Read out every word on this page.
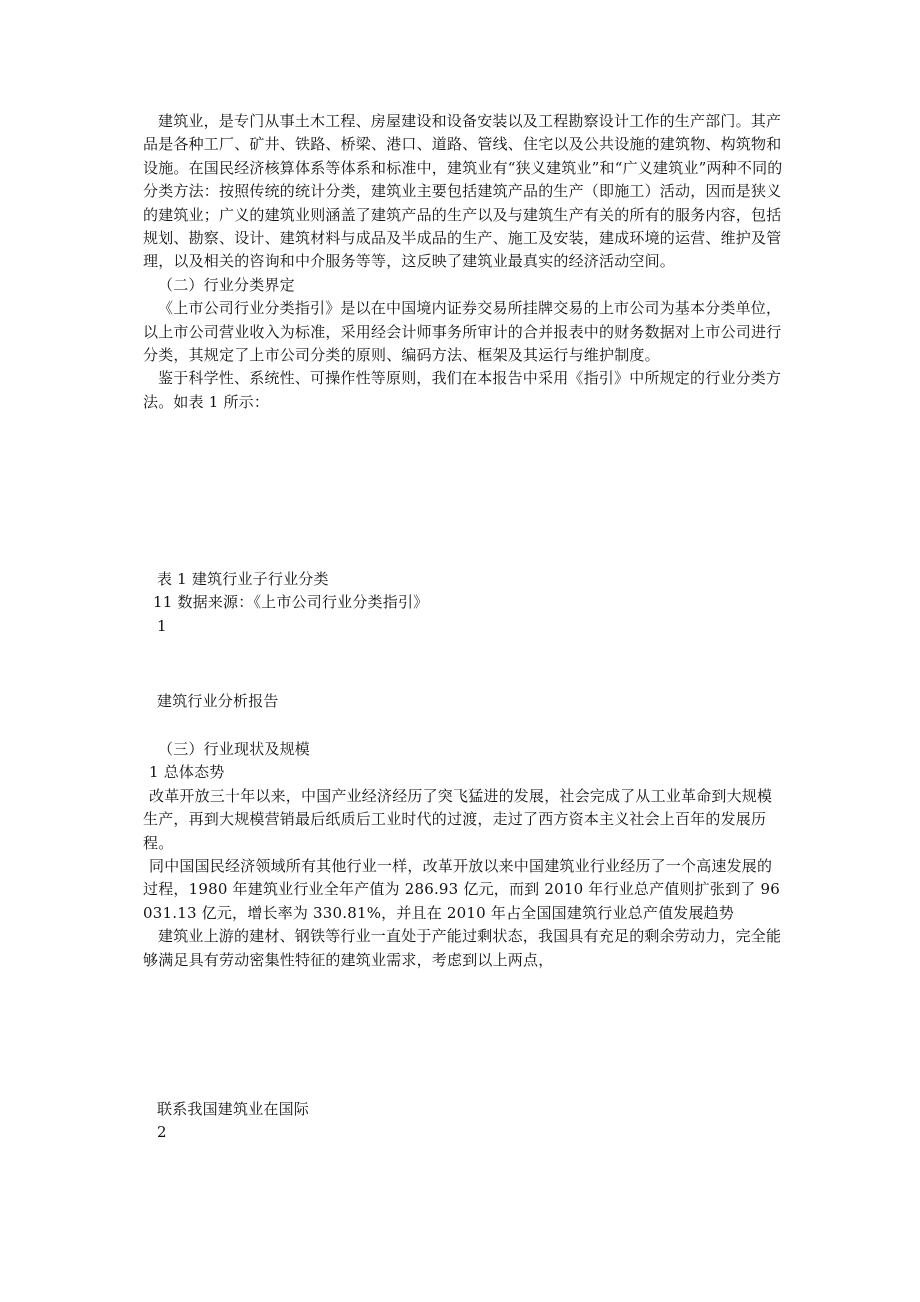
建筑业，是专门从事土木工程、房屋建设和设备安装以及工程勘察设计工作的生产部门。其产品是各种工厂、矿井、铁路、桥梁、港口、道路、管线、住宅以及公共设施的建筑物、构筑物和设施。在国民经济核算体系等体系和标准中，建筑业有“狭义建筑业”和“广义建筑业”两种不同的分类方法：按照传统的统计分类，建筑业主要包括建筑产品的生产（即施工）活动，因而是狭义的建筑业；广义的建筑业则涵盖了建筑产品的生产以及与建筑生产有关的所有的服务内容，包括规划、勘察、设计、建筑材料与成品及半成品的生产、施工及安装，建成环境的运营、维护及管理，以及相关的咨询和中介服务等等，这反映了建筑业最真实的经济活动空间。

（二）行业分类界定

《上市公司行业分类指引》是以在中国境内证券交易所挂牌交易的上市公司为基本分类单位，以上市公司营业收入为标准，采用经会计师事务所审计的合并报表中的财务数据对上市公司进行分类，其规定了上市公司分类的原则、编码方法、框架及其运行与维护制度。

鉴于科学性、系统性、可操作性等原则，我们在本报告中采用《指引》中所规定的行业分类方法。如表 1 所示：

表 1 建筑行业子行业分类

11 数据来源：《上市公司行业分类指引》

1

建筑行业分析报告

（三）行业现状及规模

1 总体态势

改革开放三十年以来，中国产业经济经历了突飞猛进的发展，社会完成了从工业革命到大规模生产，再到大规模营销最后纸质后工业时代的过渡，走过了西方资本主义社会上百年的发展历程。

同中国国民经济领域所有其他行业一样，改革开放以来中国建筑业行业经历了一个高速发展的过程，1980 年建筑业行业全年产值为 286.93 亿元，而到 2010 年行业总产值则扩张到了 96031.13 亿元，增长率为 330.81%，并且在 2010 年占全国国建筑行业总产值发展趋势

建筑业上游的建材、钢铁等行业一直处于产能过剩状态，我国具有充足的剩余劳动力，完全能够满足具有劳动密集性特征的建筑业需求，考虑到以上两点，

联系我国建筑业在国际

2
